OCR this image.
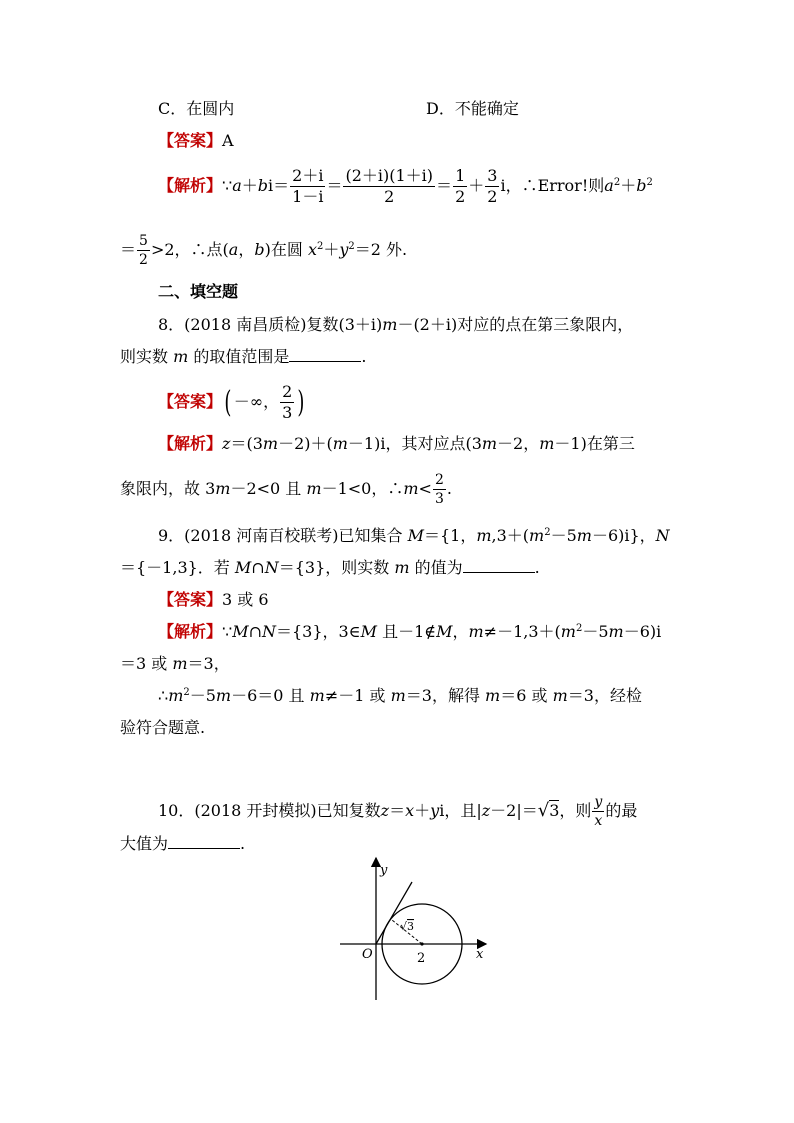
C．在圆内	D．不能确定
【答案】A
【解析】∵a＋bi＝ $\frac{2+i}{1-i} = \frac{(2+i)(1+i)}{2} = \frac{1}{2} + \frac{3}{2}$ i，∴Error!则$a^2+b^2$
＝ $\frac{5}{2} >2$，∴点(a，b)在圆 $x^2+y^2=2$ 外.
二、填空题
8．(2018 南昌质检)复数(3＋i)m－(2＋i)对应的点在第三象限内，
则实数 m 的取值范围是	.
【答案】( －∞， $\frac{2}{3}$ )
【解析】z＝(3m－2)＋(m－1)i，其对应点(3m－2，m－1)在第三
象限内，故 3m－2<0 且 m－1<0，∴m< $\frac{2}{3}$ .
9．(2018 河南百校联考)已知集合 M＝{1，$m,3+(m^2-5m-6)i$}，N
＝{－1,3}．若 M∩N＝{3}，则实数 m 的值为	.
【答案】3 或 6
【解析】∵M∩N＝{3}，3∈M 且－1∉M，$m\ne-1,3+(m^2-5m-6)i$
＝3 或 m＝3，
$\therefore m^2-5m-6=0$ 且 m≠－1 或 m＝3，解得 m＝6 或 m＝3，经检
验符合题意.
10．(2018 开封模拟)已知复数z＝x＋yi，且|z－2|＝√3，则 $\frac{y}{x}$ 的最
大值为	.
y
x
O	2
√3
